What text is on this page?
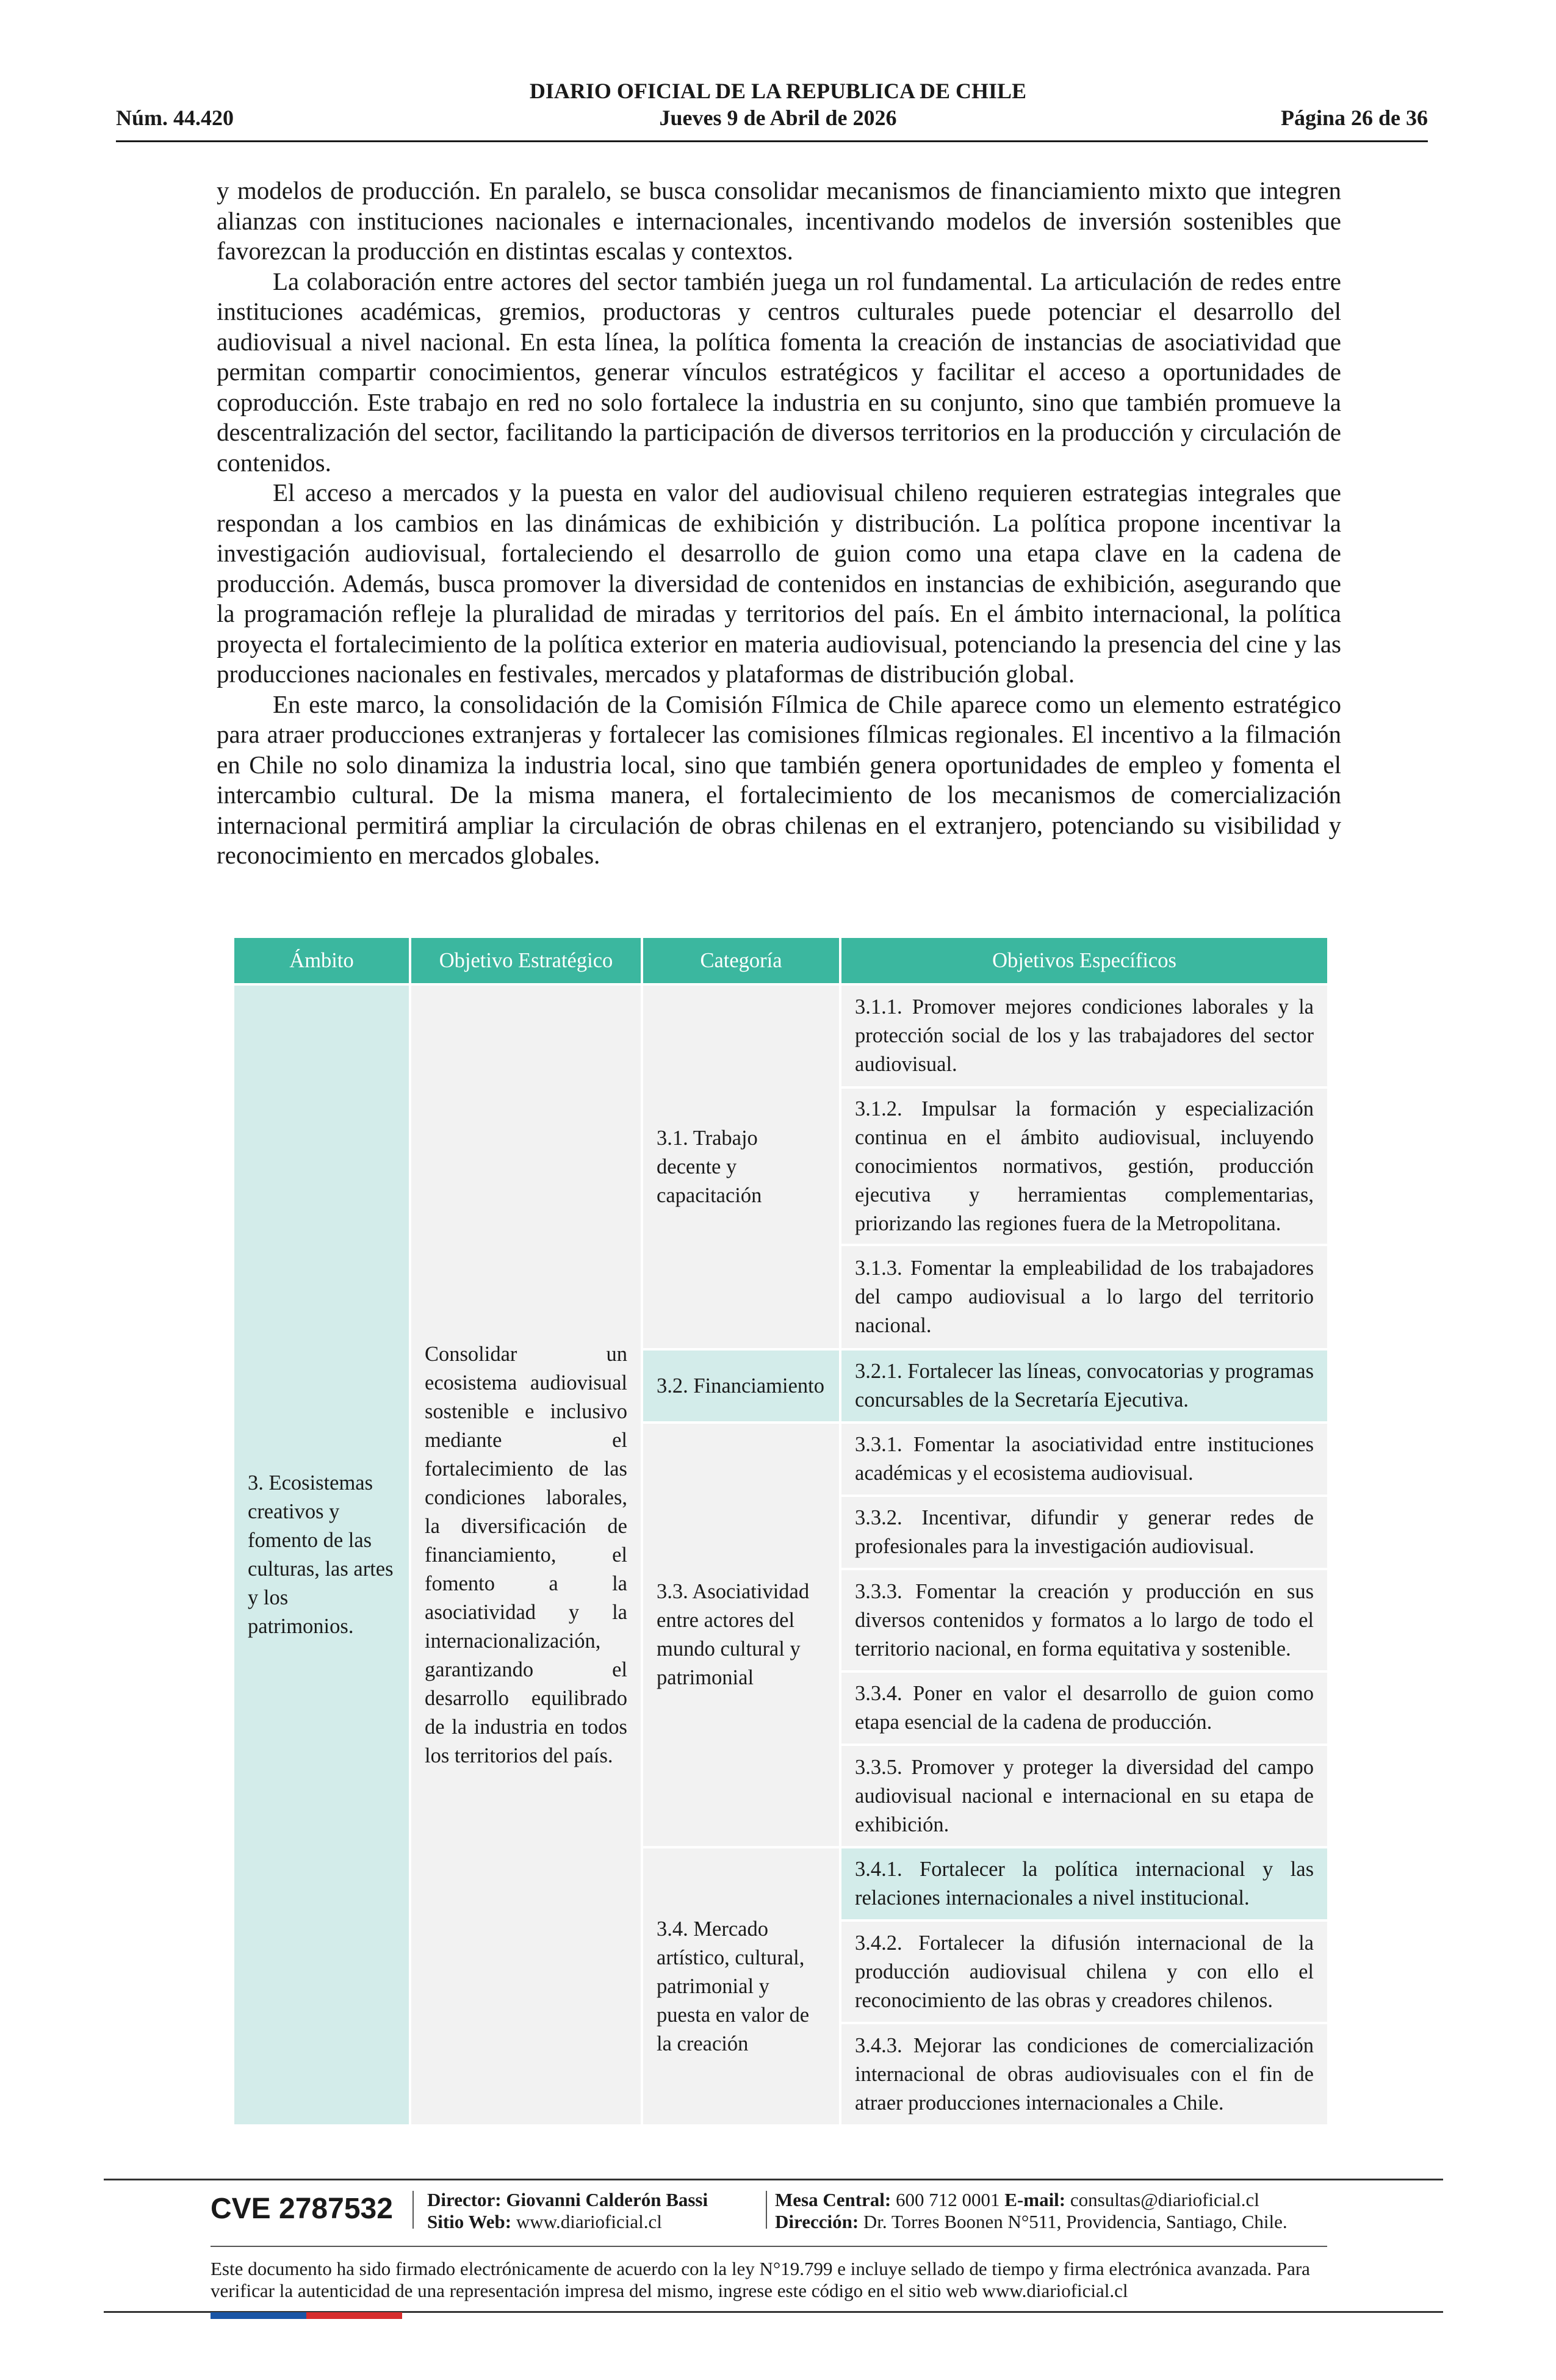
DIARIO OFICIAL DE LA REPUBLICA DE CHILE
Núm. 44.420	Jueves 9 de Abril de 2026	Página 26 de 36

y modelos de producción. En paralelo, se busca consolidar mecanismos de financiamiento mixto que integren alianzas con instituciones nacionales e internacionales, incentivando modelos de inversión sostenibles que favorezcan la producción en distintas escalas y contextos.

La colaboración entre actores del sector también juega un rol fundamental. La articulación de redes entre instituciones académicas, gremios, productoras y centros culturales puede potenciar el desarrollo del audiovisual a nivel nacional. En esta línea, la política fomenta la creación de instancias de asociatividad que permitan compartir conocimientos, generar vínculos estratégicos y facilitar el acceso a oportunidades de coproducción. Este trabajo en red no solo fortalece la industria en su conjunto, sino que también promueve la descentralización del sector, facilitando la participación de diversos territorios en la producción y circulación de contenidos.

El acceso a mercados y la puesta en valor del audiovisual chileno requieren estrategias integrales que respondan a los cambios en las dinámicas de exhibición y distribución. La política propone incentivar la investigación audiovisual, fortaleciendo el desarrollo de guion como una etapa clave en la cadena de producción. Además, busca promover la diversidad de contenidos en instancias de exhibición, asegurando que la programación refleje la pluralidad de miradas y territorios del país. En el ámbito internacional, la política proyecta el fortalecimiento de la política exterior en materia audiovisual, potenciando la presencia del cine y las producciones nacionales en festivales, mercados y plataformas de distribución global.

En este marco, la consolidación de la Comisión Fílmica de Chile aparece como un elemento estratégico para atraer producciones extranjeras y fortalecer las comisiones fílmicas regionales. El incentivo a la filmación en Chile no solo dinamiza la industria local, sino que también genera oportunidades de empleo y fomenta el intercambio cultural. De la misma manera, el fortalecimiento de los mecanismos de comercialización internacional permitirá ampliar la circulación de obras chilenas en el extranjero, potenciando su visibilidad y reconocimiento en mercados globales.

Ámbito	Objetivo Estratégico	Categoría	Objetivos Específicos
3. Ecosistemas creativos y fomento de las culturas, las artes y los patrimonios.	Consolidar un ecosistema audiovisual sostenible e inclusivo mediante el fortalecimiento de las condiciones laborales, la diversificación de financiamiento, el fomento a la asociatividad y la internacionalización, garantizando el desarrollo equilibrado de la industria en todos los territorios del país.	3.1. Trabajo decente y capacitación	3.1.1. Promover mejores condiciones laborales y la protección social de los y las trabajadores del sector audiovisual.
			3.1.2. Impulsar la formación y especialización continua en el ámbito audiovisual, incluyendo conocimientos normativos, gestión, producción ejecutiva y herramientas complementarias, priorizando las regiones fuera de la Metropolitana.
			3.1.3. Fomentar la empleabilidad de los trabajadores del campo audiovisual a lo largo del territorio nacional.
		3.2. Financiamiento	3.2.1. Fortalecer las líneas, convocatorias y programas concursables de la Secretaría Ejecutiva.
		3.3. Asociatividad entre actores del mundo cultural y patrimonial	3.3.1. Fomentar la asociatividad entre instituciones académicas y el ecosistema audiovisual.
			3.3.2. Incentivar, difundir y generar redes de profesionales para la investigación audiovisual.
			3.3.3. Fomentar la creación y producción en sus diversos contenidos y formatos a lo largo de todo el territorio nacional, en forma equitativa y sostenible.
			3.3.4. Poner en valor el desarrollo de guion como etapa esencial de la cadena de producción.
			3.3.5. Promover y proteger la diversidad del campo audiovisual nacional e internacional en su etapa de exhibición.
		3.4. Mercado artístico, cultural, patrimonial y puesta en valor de la creación	3.4.1. Fortalecer la política internacional y las relaciones internacionales a nivel institucional.
			3.4.2. Fortalecer la difusión internacional de la producción audiovisual chilena y con ello el reconocimiento de las obras y creadores chilenos.
			3.4.3. Mejorar las condiciones de comercialización internacional de obras audiovisuales con el fin de atraer producciones internacionales a Chile.
CVE 2787532 Director: Giovanni Calderón Bassi
Sitio Web: www.diarioficial.cl
Mesa Central: 600 712 0001 E-mail: consultas@diarioficial.cl
Dirección: Dr. Torres Boonen N°511, Providencia, Santiago, Chile.
Este documento ha sido firmado electrónicamente de acuerdo con la ley N°19.799 e incluye sellado de tiempo y firma electrónica avanzada. Para verificar la autenticidad de una representación impresa del mismo, ingrese este código en el sitio web www.diarioficial.cl
